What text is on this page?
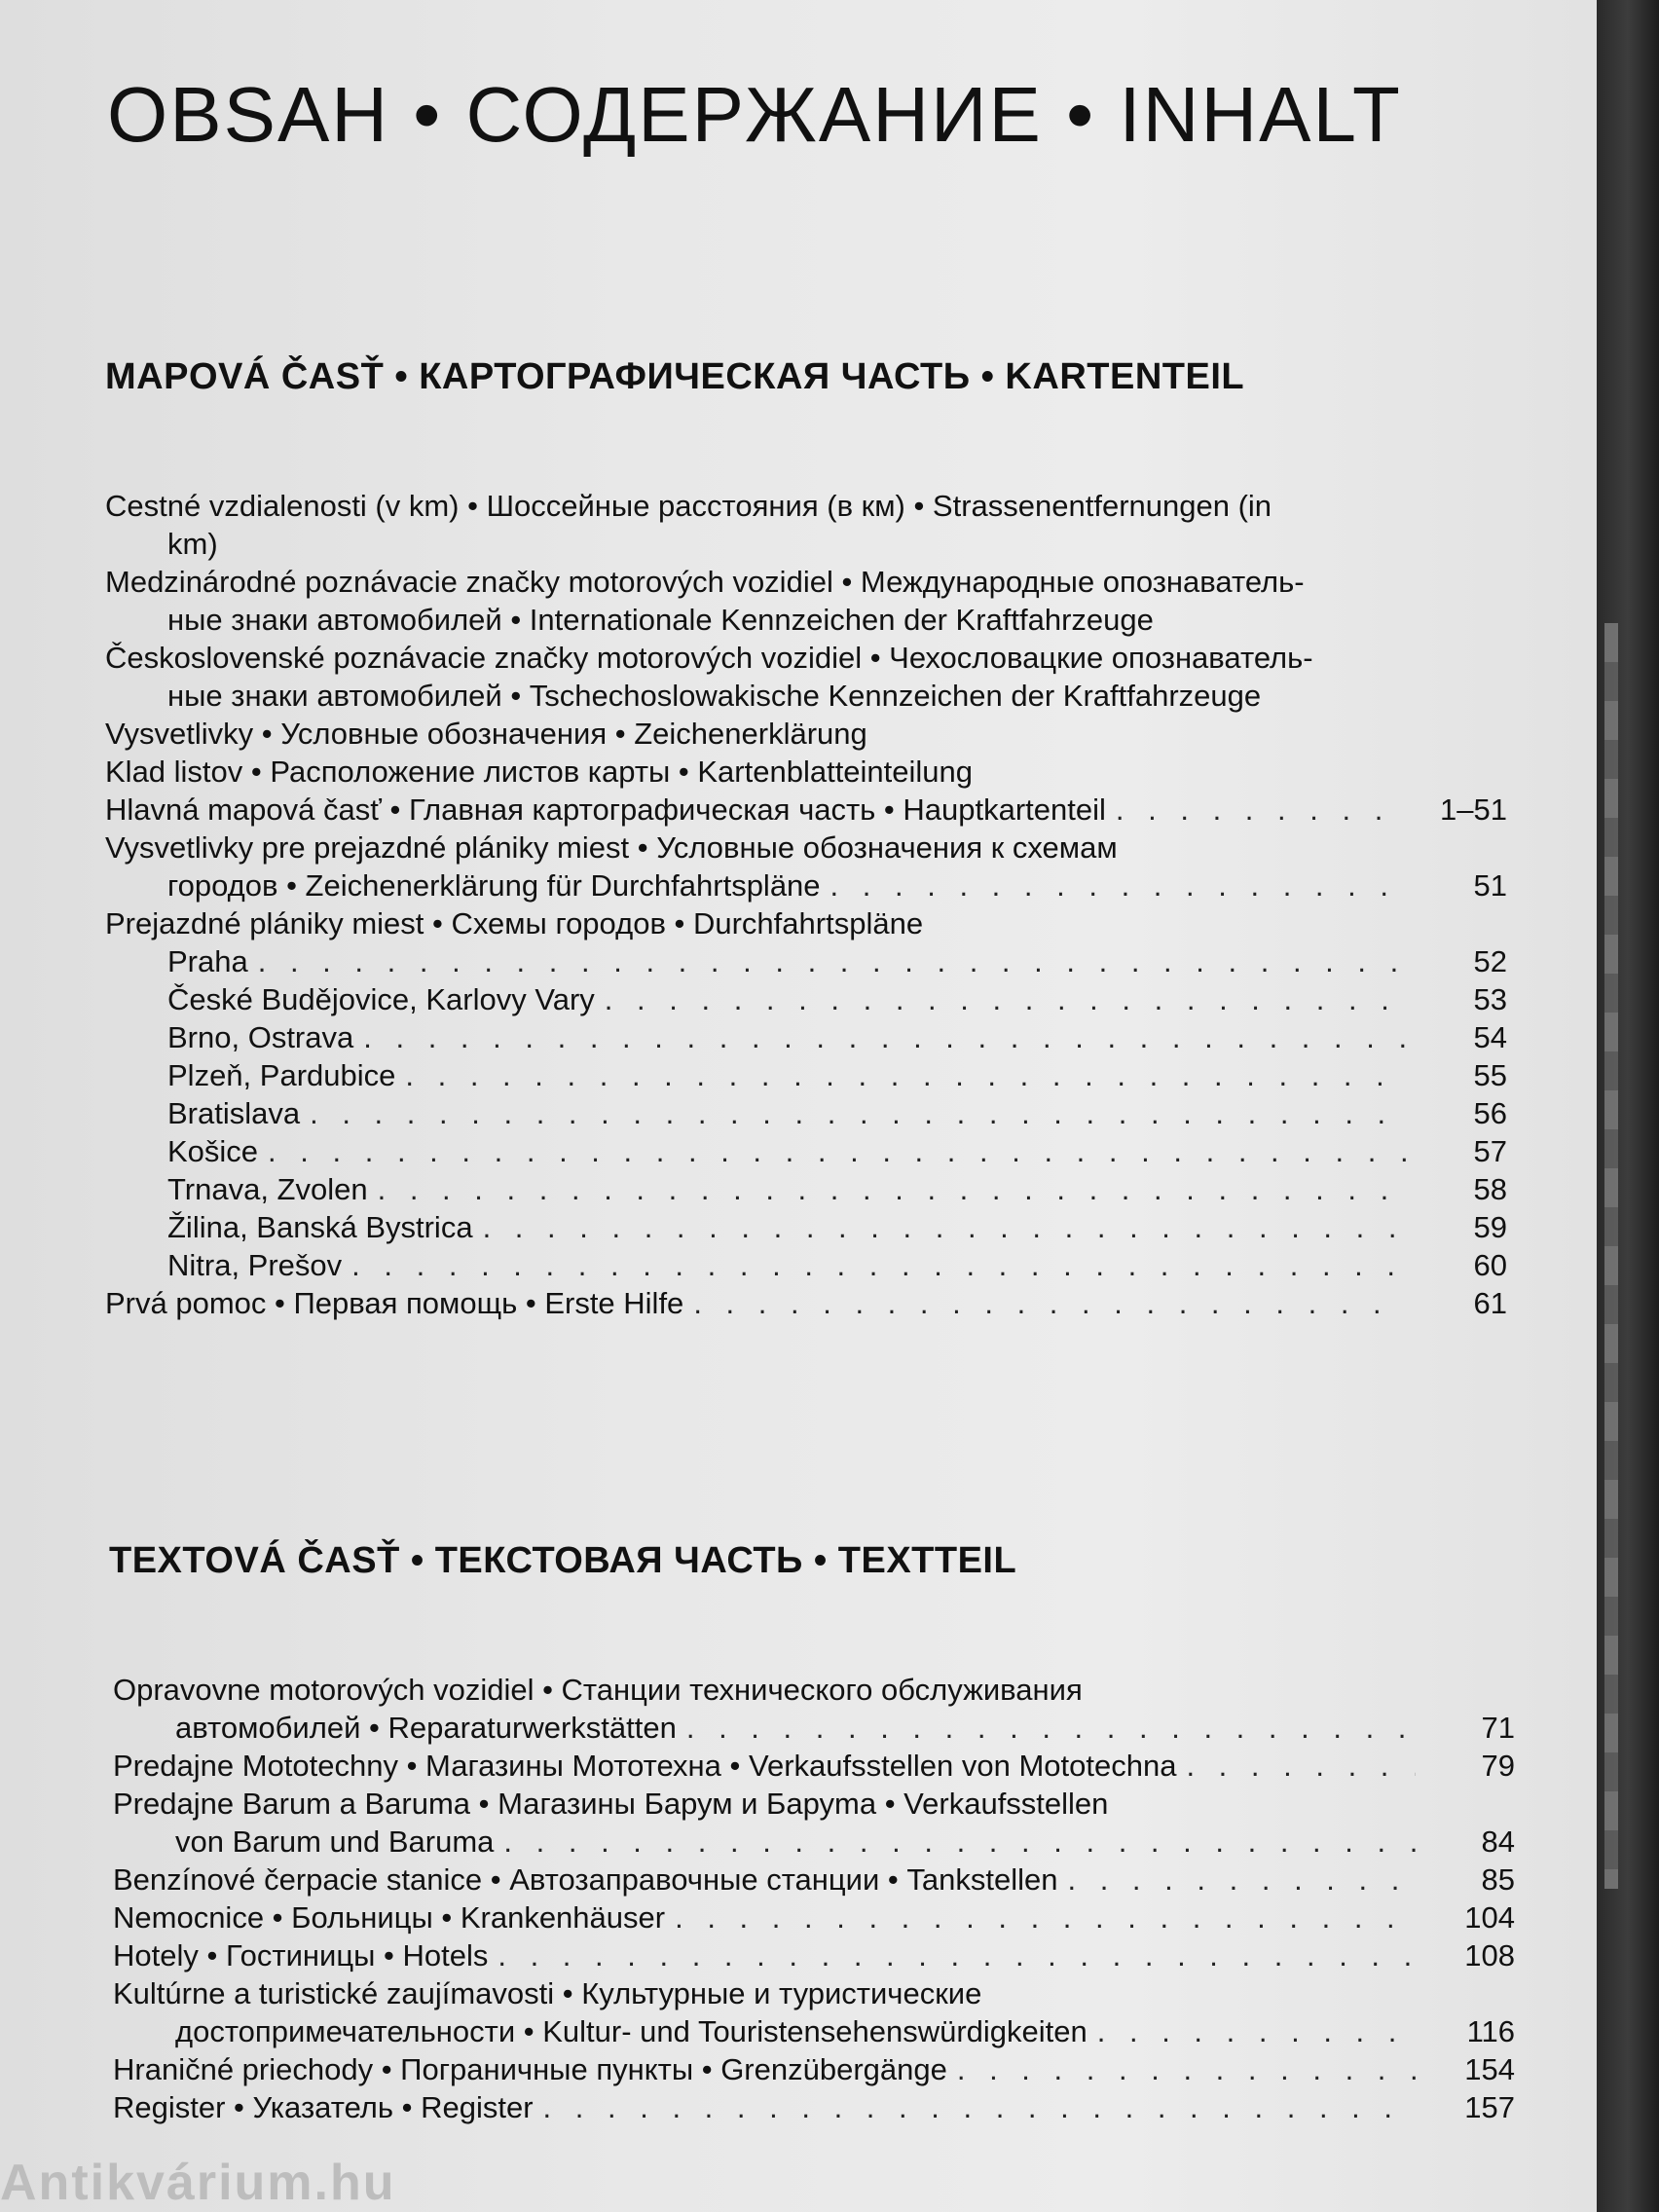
OBSAH • СОДЕРЖАНИЕ • INHALT
MAPOVÁ ČASŤ • КАРТОГРАФИЧЕСКАЯ ЧАСТЬ • KARTENTEIL
Cestné vzdialenosti (v km) • Шоссейные расстояния (в км) • Strassenentfernungen (in
km)
Medzinárodné poznávacie značky motorových vozidiel • Международные опознаватель-
ные знаки автомобилей • Internationale Kennzeichen der Kraftfahrzeuge
Československé poznávacie značky motorových vozidiel • Чехословацкие опознаватель-
ные знаки автомобилей • Tschechoslowakische Kennzeichen der Kraftfahrzeuge
Vysvetlivky • Условные обозначения • Zeichenerklärung
Klad listov • Расположение листов карты • Kartenblatteinteilung
Hlavná mapová časť • Главная картографическая часть • Hauptkartenteil . . .	1–51
Vysvetlivky pre prejazdné plániky miest • Условные обозначения к схемам
городов • Zeichenerklärung für Durchfahrtspläne . . .	51
Prejazdné plániky miest • Схемы городов • Durchfahrtspläne
Praha . . .	52
České Budějovice, Karlovy Vary . . .	53
Brno, Ostrava . . .	54
Plzeň, Pardubice . . .	55
Bratislava . . .	56
Košice . . .	57
Trnava, Zvolen . . .	58
Žilina, Banská Bystrica . . .	59
Nitra, Prešov . . .	60
Prvá pomoc • Первая помощь • Erste Hilfe . . .	61
TEXTOVÁ ČASŤ • ТЕКСТОВАЯ ЧАСТЬ • TEXTTEIL
Opravovne motorových vozidiel • Станции технического обслуживания
автомобилей • Reparaturwerkstätten . . .	71
Predajne Mototechny • Магазины Мототехна • Verkaufsstellen von Mototechna . . .	79
Predajne Barum a Baruma • Магазины Барум и Баруma • Verkaufsstellen
von Barum und Baruma . . .	84
Benzínové čerpacie stanice • Автозаправочные станции • Tankstellen . . .	85
Nemocnice • Больницы • Krankenhäuser . . .	104
Hotely • Гостиницы • Hotels . . .	108
Kultúrne a turistické zaujímavosti • Культурные и туристические
достопримечательности • Kultur- und Touristensehenswürdigkeiten . . .	116
Hraničné priechody • Пограничные пункты • Grenzübergänge . . .	154
Register • Указатель • Register . . .	157
Antikvárium.hu
